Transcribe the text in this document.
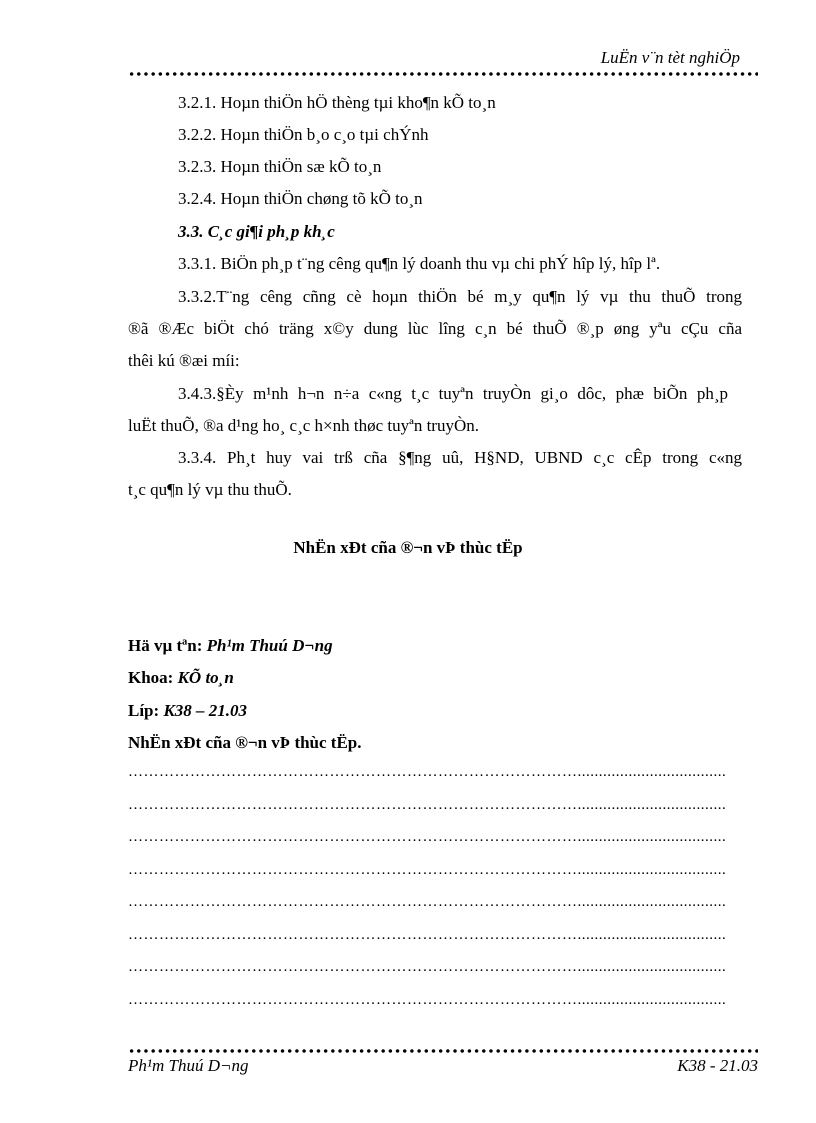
LuËn v¨n tèt nghiÖp
3.2.1. Hoµn thiÖn hÖ thèng tµi kho¶n kÕ to¸n
3.2.2. Hoµn thiÖn b¸o c¸o tµi chÝnh
3.2.3. Hoµn thiÖn sæ kÕ to¸n
3.2.4. Hoµn thiÖn chøng tõ kÕ to¸n
3.3. C¸c gi¶i ph¸p kh¸c
3.3.1. BiÖn ph¸p t¨ng cêng qu¶n lý doanh thu vµ chi phÝ hîp lý, hîp lª.
3.3.2.T¨ng cêng cñng cè hoµn thiÖn bé m¸y qu¶n lý vµ thu thuÕ trong
®ã ®Æc biÖt chó träng x©y dung lùc lîng c¸n bé thuÕ ®¸p øng yªu cÇu cña
thêi kú ®æi míi:
3.4.3.§Èy m¹nh h¬n n÷a c«ng t¸c tuyªn truyÒn gi¸o dôc, phæ biÕn ph¸p
luËt thuÕ, ®a d¹ng ho¸ c¸c h×nh thøc tuyªn truyÒn.
3.3.4. Ph¸t huy vai trß cña §¶ng uû, H§ND, UBND c¸c cÊp trong c«ng
t¸c qu¶n lý vµ thu thuÕ.
NhËn xÐt cña ®¬n vÞ thùc tËp
Hä vµ tªn: Ph¹m Thuú D¬ng
Khoa: KÕ to¸n
Líp: K38 – 21.03
NhËn xÐt cña ®¬n vÞ thùc tËp.
……………………………………………………………………………...................................
……………………………………………………………………………...................................
……………………………………………………………………………...................................
……………………………………………………………………………...................................
……………………………………………………………………………...................................
……………………………………………………………………………...................................
……………………………………………………………………………...................................
……………………………………………………………………………...................................
Ph¹m Thuú D¬ng	K38 - 21.03
